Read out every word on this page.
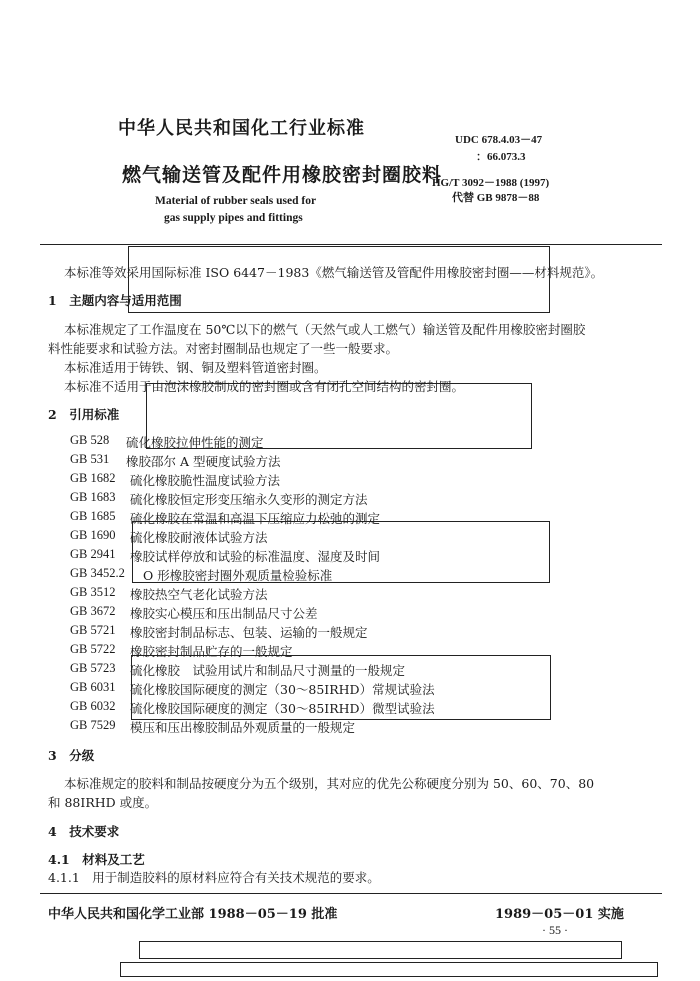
中华人民共和国化工行业标准
燃气输送管及配件用橡胶密封圈胶料
Material of rubber seals used for
gas supply pipes and fittings
UDC 678.4.03－47
：66.073.3
HG/T 3092－1988 (1997)
代替 GB 9878－88
本标准等效采用国际标准 ISO 6447－1983《燃气输送管及管配件用橡胶密封圈——材料规范》。
1　主题内容与适用范围
本标准规定了工作温度在 50℃以下的燃气（天然气或人工燃气）输送管及配件用橡胶密封圈胶
料性能要求和试验方法。对密封圈制品也规定了一些一般要求。
本标准适用于铸铁、钢、铜及塑料管道密封圈。
本标准不适用于由泡沫橡胶制成的密封圈或含有闭孔空间结构的密封圈。
2　引用标准
GB 528 硫化橡胶拉伸性能的测定
GB 531 橡胶邵尔 A 型硬度试验方法
GB 1682 硫化橡胶脆性温度试验方法
GB 1683 硫化橡胶恒定形变压缩永久变形的测定方法
GB 1685 硫化橡胶在常温和高温下压缩应力松弛的测定
GB 1690 硫化橡胶耐液体试验方法
GB 2941 橡胶试样停放和试验的标准温度、湿度及时间
GB 3452.2 O 形橡胶密封圈外观质量检验标准
GB 3512 橡胶热空气老化试验方法
GB 3672 橡胶实心模压和压出制品尺寸公差
GB 5721 橡胶密封制品标志、包装、运输的一般规定
GB 5722 橡胶密封制品贮存的一般规定
GB 5723 硫化橡胶　试验用试片和制品尺寸测量的一般规定
GB 6031 硫化橡胶国际硬度的测定（30～85IRHD）常规试验法
GB 6032 硫化橡胶国际硬度的测定（30～85IRHD）微型试验法
GB 7529 模压和压出橡胶制品外观质量的一般规定
3　分级
本标准规定的胶料和制品按硬度分为五个级别，其对应的优先公称硬度分别为 50、60、70、80
和 88IRHD 或度。
4　技术要求
4.1　材料及工艺
4.1.1　用于制造胶料的原材料应符合有关技术规范的要求。
中华人民共和国化学工业部 1988－05－19 批准	1989－05－01 实施
· 55 ·
